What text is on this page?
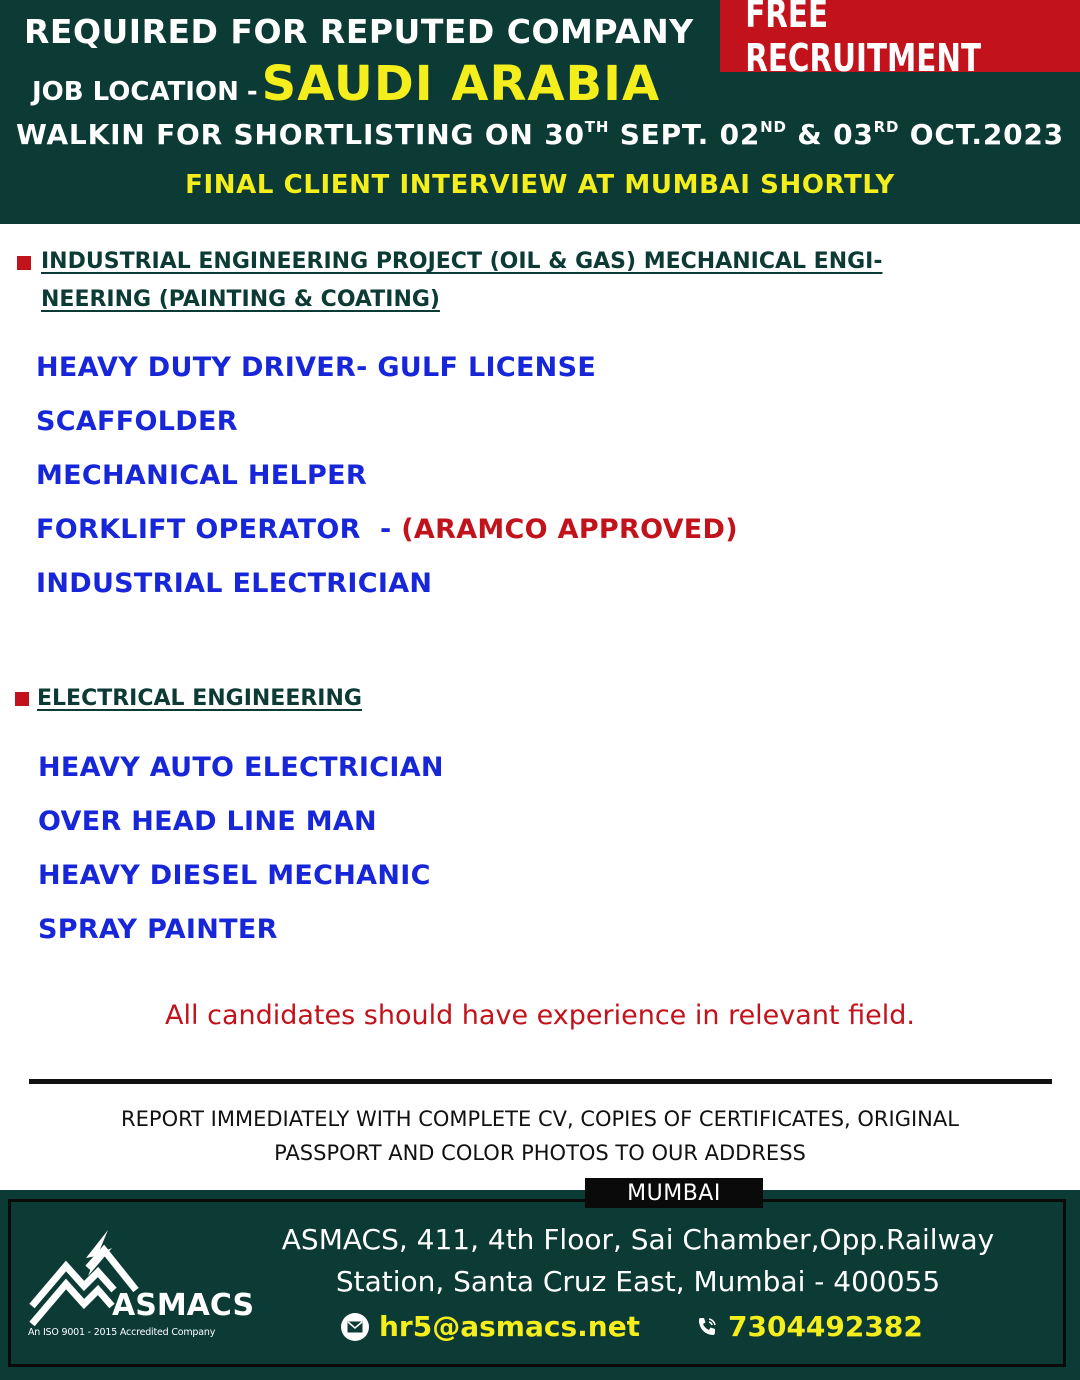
REQUIRED FOR REPUTED COMPANY
JOB LOCATION - SAUDI ARABIA
WALKIN FOR SHORTLISTING ON 30TH SEPT. 02ND & 03RD OCT.2023
FINAL CLIENT INTERVIEW AT MUMBAI SHORTLY
FREE RECRUITMENT
INDUSTRIAL ENGINEERING PROJECT (OIL & GAS) MECHANICAL ENGI-
NEERING (PAINTING & COATING)
HEAVY DUTY DRIVER- GULF LICENSE
SCAFFOLDER
MECHANICAL HELPER
FORKLIFT OPERATOR  - (ARAMCO APPROVED)
INDUSTRIAL ELECTRICIAN
ELECTRICAL ENGINEERING
HEAVY AUTO ELECTRICIAN
OVER HEAD LINE MAN
HEAVY DIESEL MECHANIC
SPRAY PAINTER
All candidates should have experience in relevant field.
REPORT IMMEDIATELY WITH COMPLETE CV, COPIES OF CERTIFICATES, ORIGINAL
PASSPORT AND COLOR PHOTOS TO OUR ADDRESS
MUMBAI
ASMACS
An ISO 9001 - 2015 Accredited Company
ASMACS, 411, 4th Floor, Sai Chamber,Opp.Railway
Station, Santa Cruz East, Mumbai - 400055
hr5@asmacs.net	7304492382
